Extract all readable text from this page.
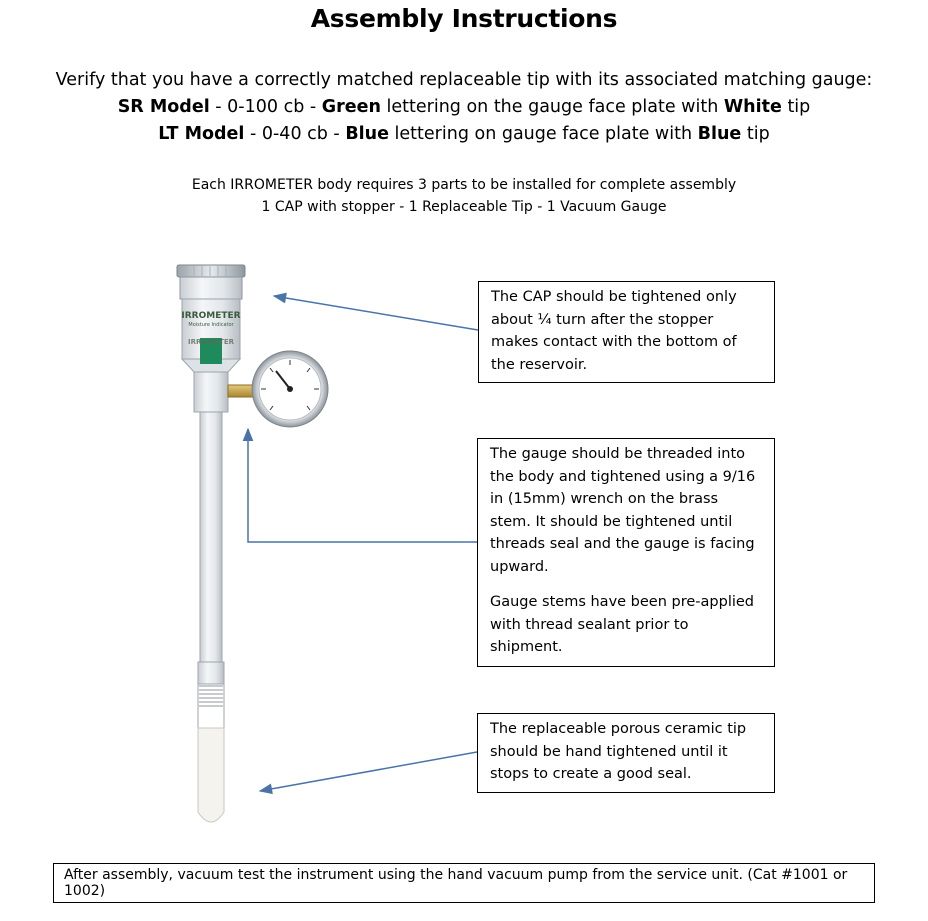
Assembly Instructions
Verify that you have a correctly matched replaceable tip with its associated matching gauge:
SR Model - 0-100 cb - Green lettering on the gauge face plate with White tip
LT Model - 0-40 cb - Blue lettering on gauge face plate with Blue tip
Each IRROMETER body requires 3 parts to be installed for complete assembly
1 CAP with stopper - 1 Replaceable Tip - 1 Vacuum Gauge
IRROMETER
Moisture Indicator
IRROMETER

The CAP should be tightened only about ¼ turn after the stopper makes contact with the bottom of the reservoir.

The gauge should be threaded into the body and tightened using a 9/16 in (15mm) wrench on the brass stem. It should be tightened until threads seal and the gauge is facing upward.

Gauge stems have been pre-applied with thread sealant prior to shipment.

The replaceable porous ceramic tip should be hand tightened until it stops to create a good seal.

After assembly, vacuum test the instrument using the hand vacuum pump from the service unit. (Cat #1001 or 1002)
